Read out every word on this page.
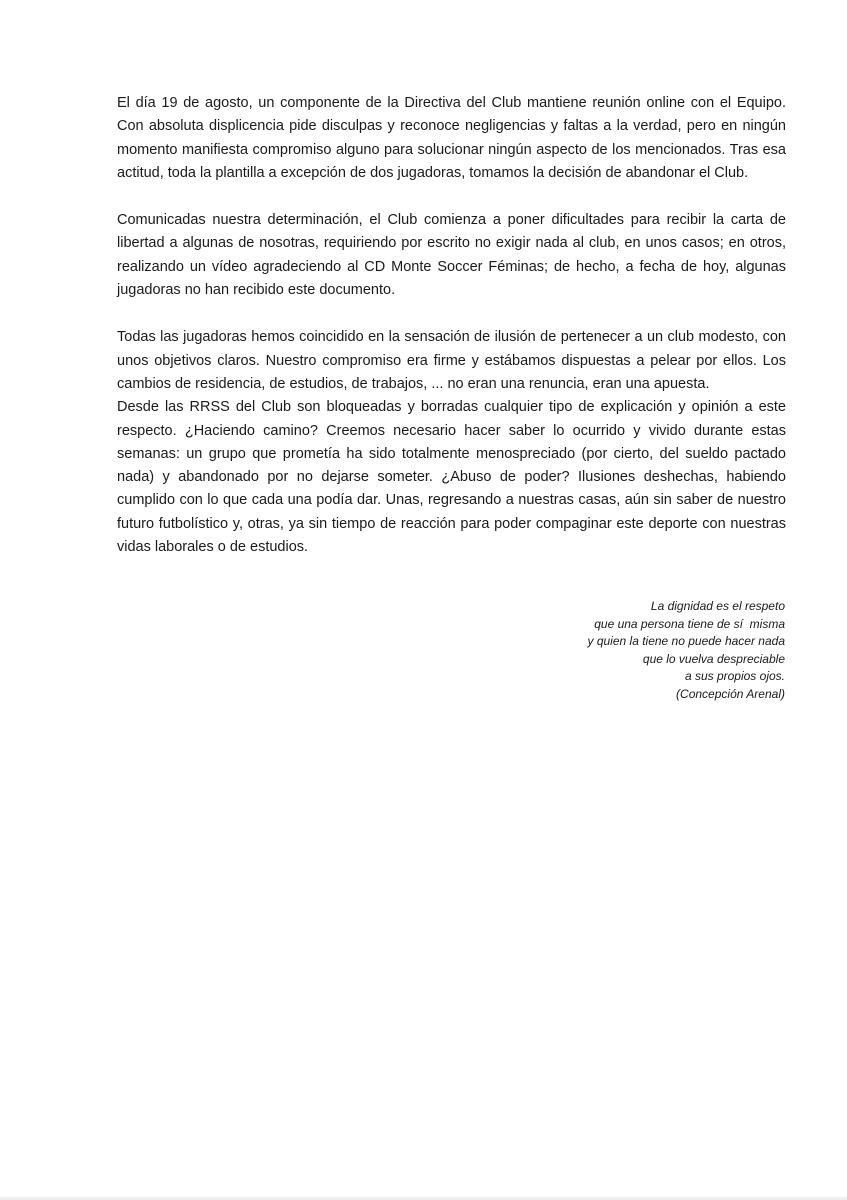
El día 19 de agosto, un componente de la Directiva del Club mantiene reunión online con el Equipo. Con absoluta displicencia pide disculpas y reconoce negligencias y faltas a la verdad, pero en ningún momento manifiesta compromiso alguno para solucionar ningún aspecto de los mencionados. Tras esa actitud, toda la plantilla a excepción de dos jugadoras, tomamos la decisión de abandonar el Club.

Comunicadas nuestra determinación, el Club comienza a poner dificultades para recibir la carta de libertad a algunas de nosotras, requiriendo por escrito no exigir nada al club, en unos casos; en otros, realizando un vídeo agradeciendo al CD Monte Soccer Féminas; de hecho, a fecha de hoy, algunas jugadoras no han recibido este documento.

Todas las jugadoras hemos coincidido en la sensación de ilusión de pertenecer a un club modesto, con unos objetivos claros. Nuestro compromiso era firme y estábamos dispuestas a pelear por ellos. Los cambios de residencia, de estudios, de trabajos, ... no eran una renuncia, eran una apuesta.

Desde las RRSS del Club son bloqueadas y borradas cualquier tipo de explicación y opinión a este respecto. ¿Haciendo camino? Creemos necesario hacer saber lo ocurrido y vivido durante estas semanas: un grupo que prometía ha sido totalmente menospreciado (por cierto, del sueldo pactado nada) y abandonado por no dejarse someter. ¿Abuso de poder? Ilusiones deshechas, habiendo cumplido con lo que cada una podía dar. Unas, regresando a nuestras casas, aún sin saber de nuestro futuro futbolístico y, otras, ya sin tiempo de reacción para poder compaginar este deporte con nuestras vidas laborales o de estudios.

La dignidad es el respeto
que una persona tiene de sí  misma
y quien la tiene no puede hacer nada
que lo vuelva despreciable
a sus propios ojos.
(Concepción Arenal)
